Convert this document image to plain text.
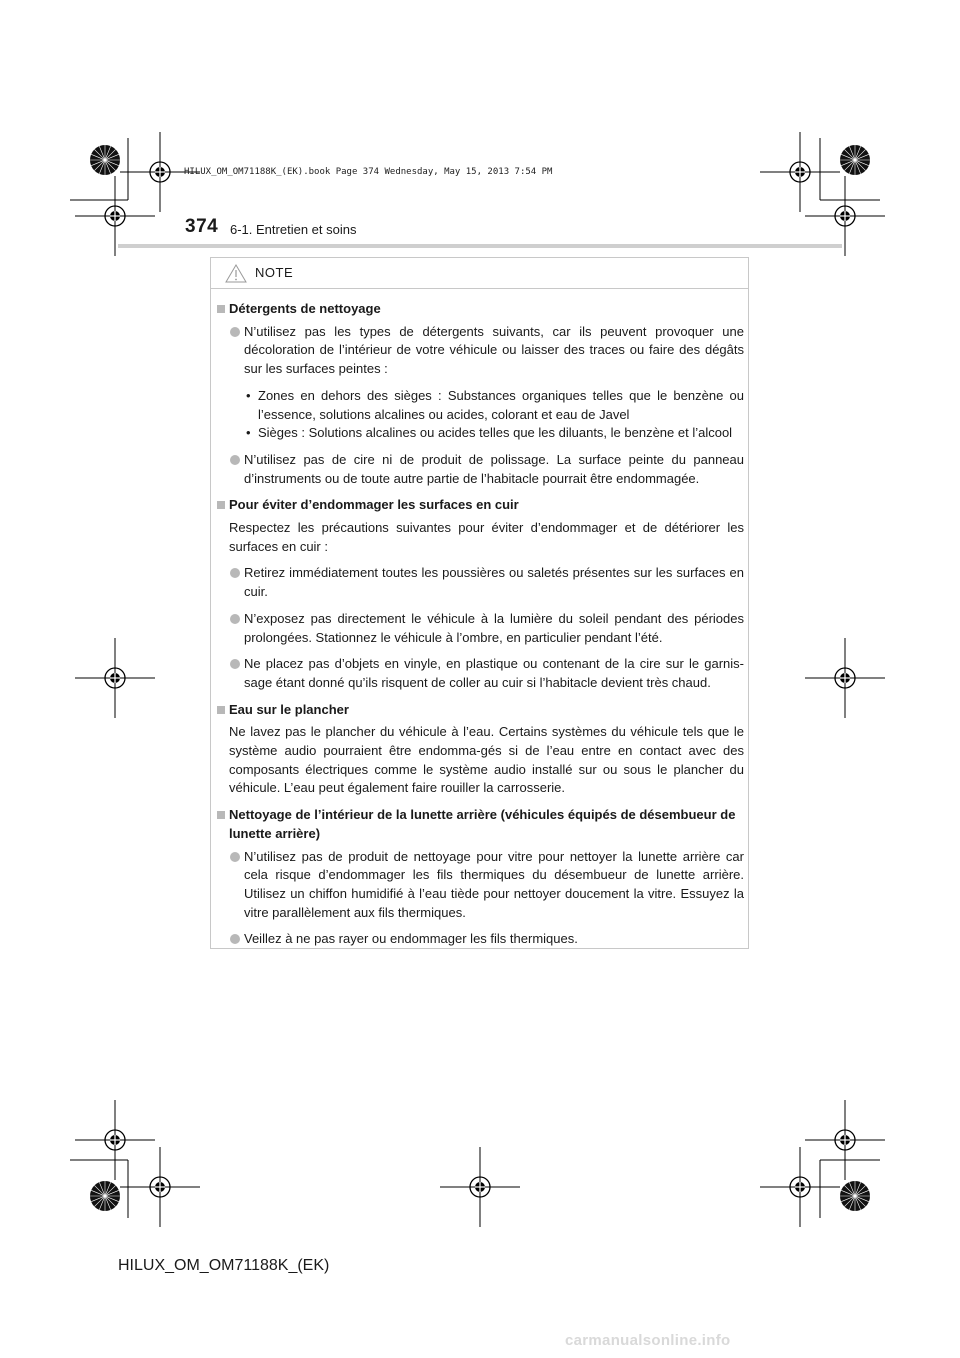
HILUX_OM_OM71188K_(EK).book Page 374 Wednesday, May 15, 2013 7:54 PM
374 6-1. Entretien et soins
NOTE
Détergents de nettoyage
N’utilisez pas les types de détergents suivants, car ils peuvent provoquer une décoloration de l’intérieur de votre véhicule ou laisser des traces ou faire des dégâts sur les surfaces peintes :
• Zones en dehors des sièges : Substances organiques telles que le benzène ou l’essence, solutions alcalines ou acides, colorant et eau de Javel
• Sièges : Solutions alcalines ou acides telles que les diluants, le benzène et l’alcool
N’utilisez pas de cire ni de produit de polissage. La surface peinte du panneau d’instruments ou de toute autre partie de l’habitacle pourrait être endommagée.
Pour éviter d’endommager les surfaces en cuir
Respectez les précautions suivantes pour éviter d’endommager et de détériorer les surfaces en cuir :
Retirez immédiatement toutes les poussières ou saletés présentes sur les surfaces en cuir.
N’exposez pas directement le véhicule à la lumière du soleil pendant des périodes prolongées. Stationnez le véhicule à l’ombre, en particulier pendant l’été.
Ne placez pas d’objets en vinyle, en plastique ou contenant de la cire sur le garnis-sage étant donné qu’ils risquent de coller au cuir si l’habitacle devient très chaud.
Eau sur le plancher
Ne lavez pas le plancher du véhicule à l’eau. Certains systèmes du véhicule tels que le système audio pourraient être endomma-gés si de l’eau entre en contact avec des composants électriques comme le système audio installé sur ou sous le plancher du véhicule. L’eau peut également faire rouiller la carrosserie.
Nettoyage de l’intérieur de la lunette arrière (véhicules équipés de désembueur de lunette arrière)
N’utilisez pas de produit de nettoyage pour vitre pour nettoyer la lunette arrière car cela risque d’endommager les fils thermiques du désembueur de lunette arrière. Utilisez un chiffon humidifié à l’eau tiède pour nettoyer doucement la vitre. Essuyez la vitre parallèlement aux fils thermiques.
Veillez à ne pas rayer ou endommager les fils thermiques.
HILUX_OM_OM71188K_(EK)
carmanualsonline.info
